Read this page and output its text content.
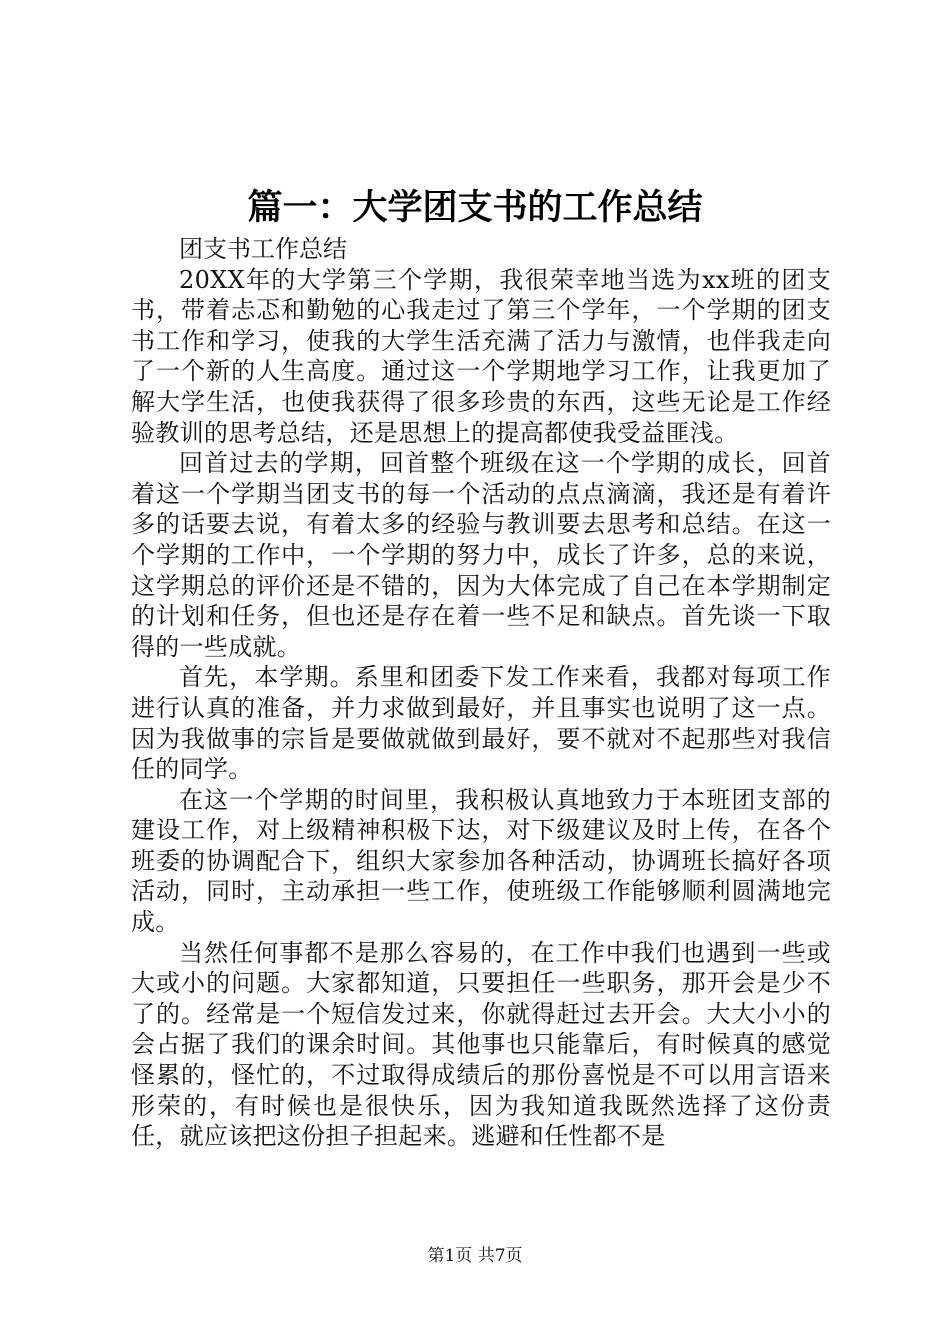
篇一：大学团支书的工作总结

团支书工作总结

20XX年的大学第三个学期，我很荣幸地当选为xx班的团支书，带着忐忑和勤勉的心我走过了第三个学年，一个学期的团支书工作和学习，使我的大学生活充满了活力与激情，也伴我走向了一个新的人生高度。通过这一个学期地学习工作，让我更加了解大学生活，也使我获得了很多珍贵的东西，这些无论是工作经验教训的思考总结，还是思想上的提高都使我受益匪浅。

回首过去的学期，回首整个班级在这一个学期的成长，回首着这一个学期当团支书的每一个活动的点点滴滴，我还是有着许多的话要去说，有着太多的经验与教训要去思考和总结。在这一个学期的工作中，一个学期的努力中，成长了许多，总的来说，这学期总的评价还是不错的，因为大体完成了自己在本学期制定的计划和任务，但也还是存在着一些不足和缺点。首先谈一下取得的一些成就。

首先，本学期。系里和团委下发工作来看，我都对每项工作进行认真的准备，并力求做到最好，并且事实也说明了这一点。因为我做事的宗旨是要做就做到最好，要不就对不起那些对我信任的同学。

在这一个学期的时间里，我积极认真地致力于本班团支部的建设工作，对上级精神积极下达，对下级建议及时上传，在各个班委的协调配合下，组织大家参加各种活动，协调班长搞好各项活动，同时，主动承担一些工作，使班级工作能够顺利圆满地完成。

当然任何事都不是那么容易的，在工作中我们也遇到一些或大或小的问题。大家都知道，只要担任一些职务，那开会是少不了的。经常是一个短信发过来，你就得赶过去开会。大大小小的会占据了我们的课余时间。其他事也只能靠后，有时候真的感觉怪累的，怪忙的，不过取得成绩后的那份喜悦是不可以用言语来形荣的，有时候也是很快乐，因为我知道我既然选择了这份责任，就应该把这份担子担起来。逃避和任性都不是

第1页 共7页
